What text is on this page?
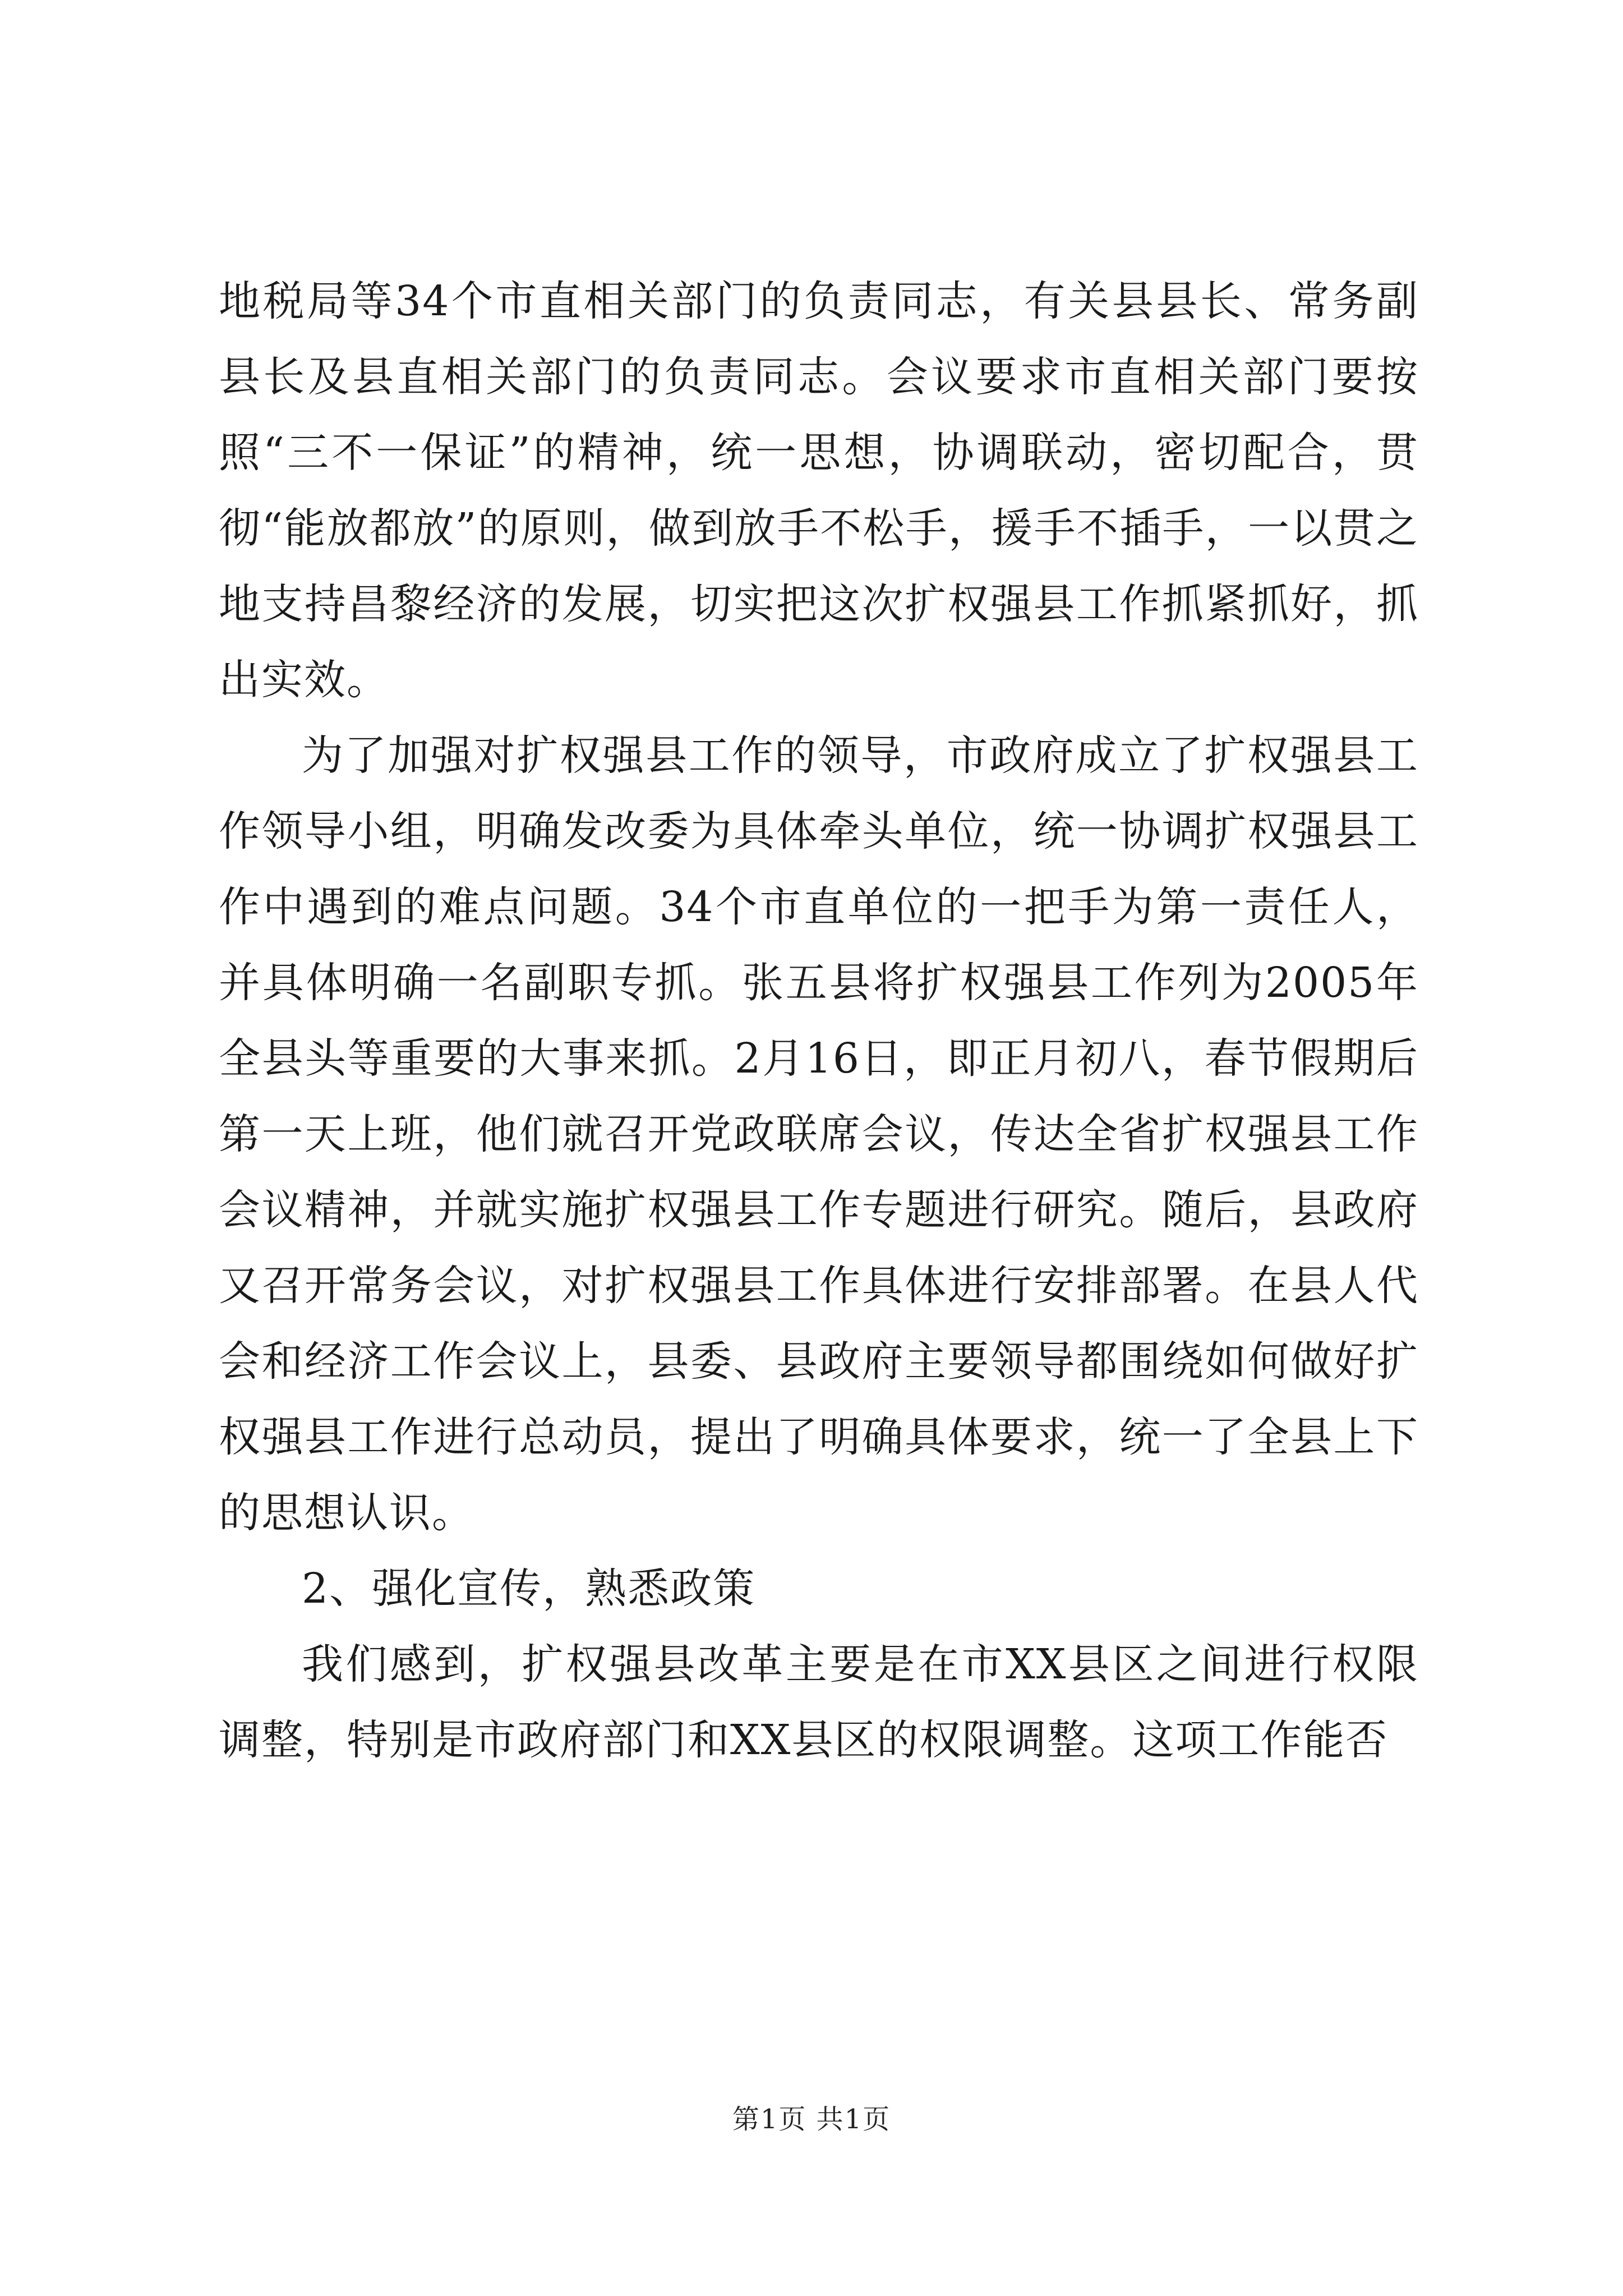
地税局等34个市直相关部门的负责同志，有关县县长、常务副县长及县直相关部门的负责同志。会议要求市直相关部门要按照“三不一保证”的精神，统一思想，协调联动，密切配合，贯彻“能放都放”的原则，做到放手不松手，援手不插手，一以贯之地支持昌黎经济的发展，切实把这次扩权强县工作抓紧抓好，抓出实效。

为了加强对扩权强县工作的领导，市政府成立了扩权强县工作领导小组，明确发改委为具体牵头单位，统一协调扩权强县工作中遇到的难点问题。34个市直单位的一把手为第一责任人，并具体明确一名副职专抓。张五县将扩权强县工作列为2005年全县头等重要的大事来抓。2月16日，即正月初八，春节假期后第一天上班，他们就召开党政联席会议，传达全省扩权强县工作会议精神，并就实施扩权强县工作专题进行研究。随后，县政府又召开常务会议，对扩权强县工作具体进行安排部署。在县人代会和经济工作会议上，县委、县政府主要领导都围绕如何做好扩权强县工作进行总动员，提出了明确具体要求，统一了全县上下的思想认识。

2、强化宣传，熟悉政策

我们感到，扩权强县改革主要是在市XX县区之间进行权限调整，特别是市政府部门和XX县区的权限调整。这项工作能否

第1页 共1页
